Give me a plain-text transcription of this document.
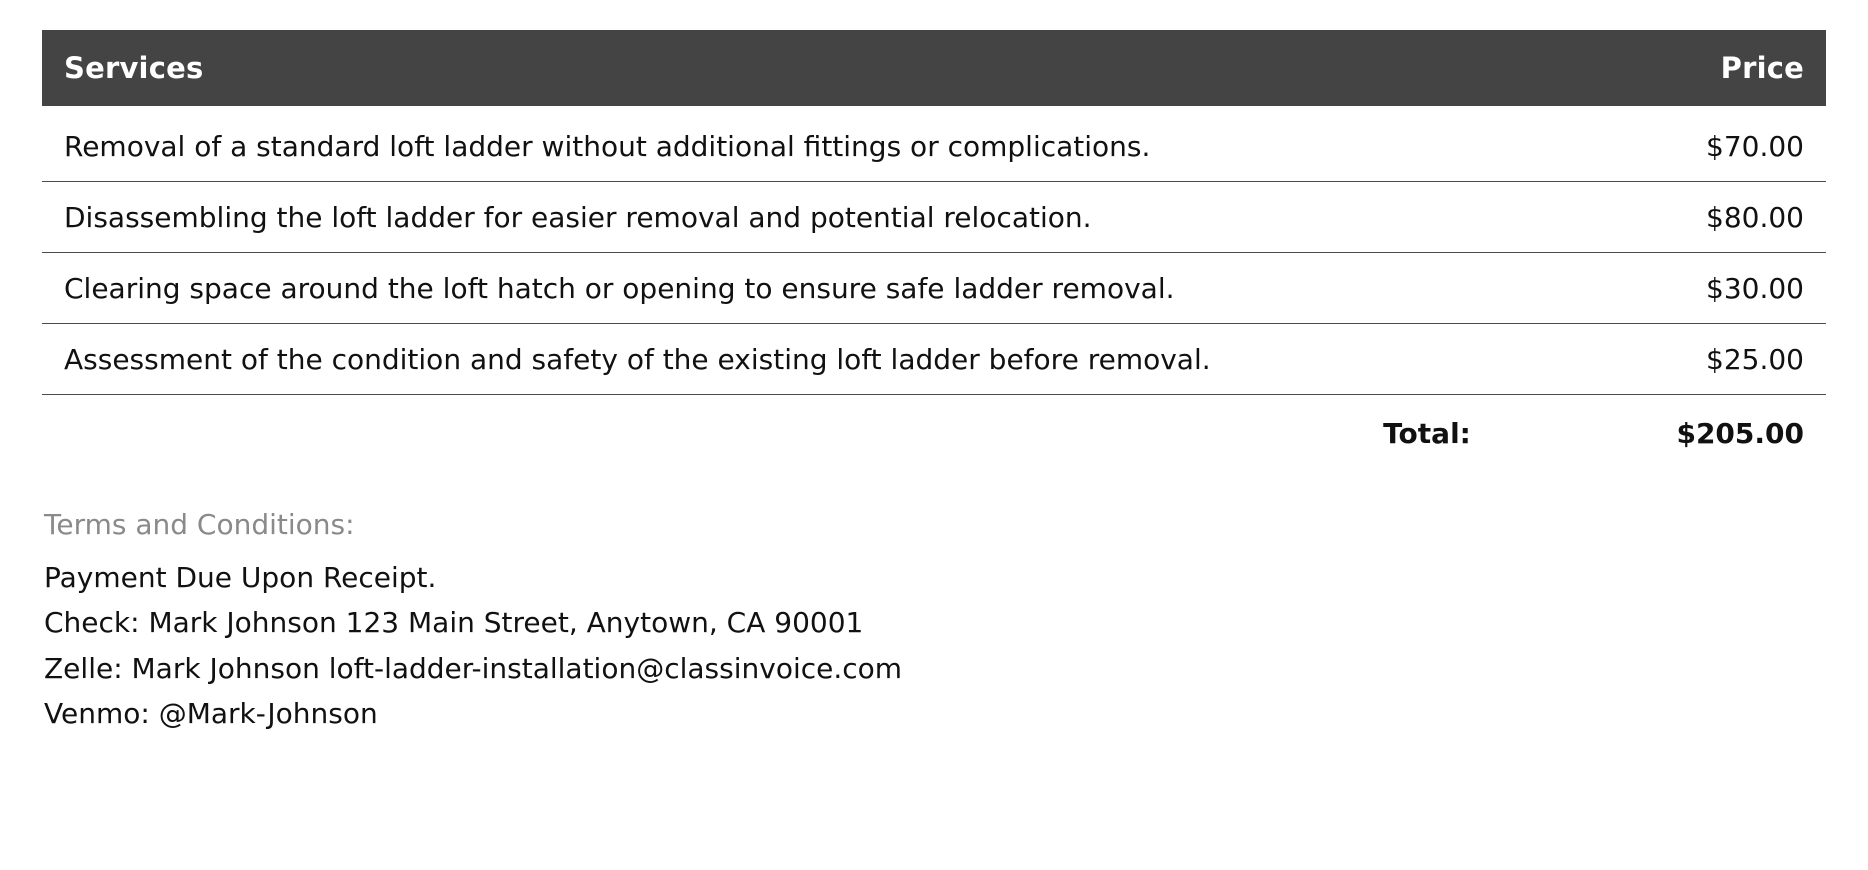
Services	Price
Removal of a standard loft ladder without additional fittings or complications.	$70.00
Disassembling the loft ladder for easier removal and potential relocation.	$80.00
Clearing space around the loft hatch or opening to ensure safe ladder removal.	$30.00
Assessment of the condition and safety of the existing loft ladder before removal.	$25.00
Total:	$205.00
Terms and Conditions:
Payment Due Upon Receipt.
Check: Mark Johnson 123 Main Street, Anytown, CA 90001
Zelle: Mark Johnson loft-ladder-installation@classinvoice.com
Venmo: @Mark-Johnson
